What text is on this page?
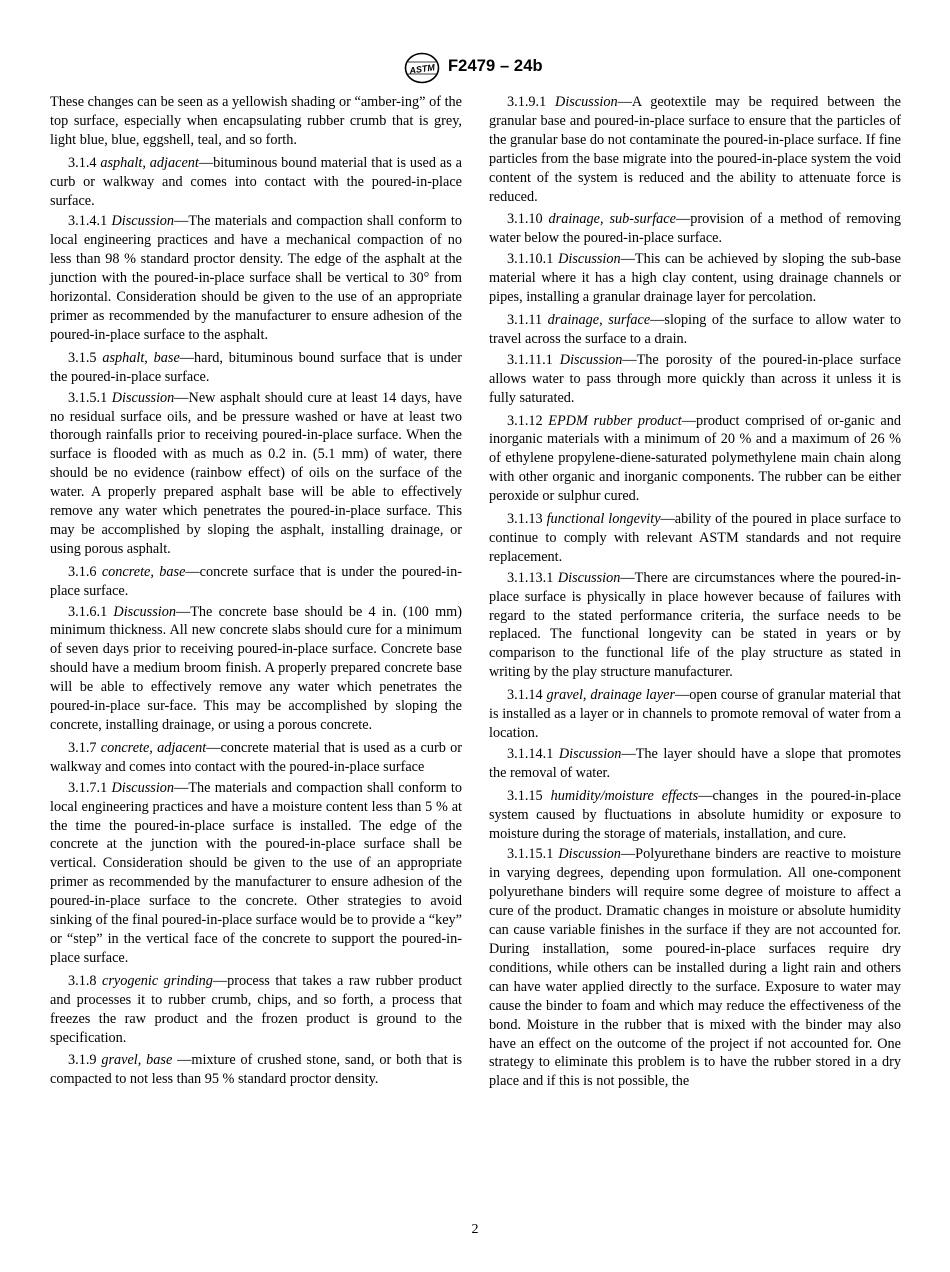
ASTM F2479 – 24b

These changes can be seen as a yellowish shading or “amber-ing” of the top surface, especially when encapsulating rubber crumb that is grey, light blue, blue, eggshell, teal, and so forth.

3.1.4 asphalt, adjacent—bituminous bound material that is used as a curb or walkway and comes into contact with the poured-in-place surface.

3.1.4.1 Discussion—The materials and compaction shall conform to local engineering practices and have a mechanical compaction of no less than 98 % standard proctor density. The edge of the asphalt at the junction with the poured-in-place surface shall be vertical to 30° from horizontal. Consideration should be given to the use of an appropriate primer as recommended by the manufacturer to ensure adhesion of the poured-in-place surface to the asphalt.

3.1.5 asphalt, base—hard, bituminous bound surface that is under the poured-in-place surface.

3.1.5.1 Discussion—New asphalt should cure at least 14 days, have no residual surface oils, and be pressure washed or have at least two thorough rainfalls prior to receiving poured-in-place surface. When the surface is flooded with as much as 0.2 in. (5.1 mm) of water, there should be no evidence (rainbow effect) of oils on the surface of the water. A properly prepared asphalt base will be able to effectively remove any water which penetrates the poured-in-place surface. This may be accomplished by sloping the asphalt, installing drainage, or using porous asphalt.

3.1.6 concrete, base—concrete surface that is under the poured-in-place surface.

3.1.6.1 Discussion—The concrete base should be 4 in. (100 mm) minimum thickness. All new concrete slabs should cure for a minimum of seven days prior to receiving poured-in-place surface. Concrete base should have a medium broom finish. A properly prepared concrete base will be able to effectively remove any water which penetrates the poured-in-place sur-face. This may be accomplished by sloping the concrete, installing drainage, or using a porous concrete.

3.1.7 concrete, adjacent—concrete material that is used as a curb or walkway and comes into contact with the poured-in-place surface

3.1.7.1 Discussion—The materials and compaction shall conform to local engineering practices and have a moisture content less than 5 % at the time the poured-in-place surface is installed. The edge of the concrete at the junction with the poured-in-place surface shall be vertical. Consideration should be given to the use of an appropriate primer as recommended by the manufacturer to ensure adhesion of the poured-in-place surface to the concrete. Other strategies to avoid sinking of the final poured-in-place surface would be to provide a “key” or “step” in the vertical face of the concrete to support the poured-in-place surface.

3.1.8 cryogenic grinding—process that takes a raw rubber product and processes it to rubber crumb, chips, and so forth, a process that freezes the raw product and the frozen product is ground to the specification.

3.1.9 gravel, base —mixture of crushed stone, sand, or both that is compacted to not less than 95 % standard proctor density.

3.1.9.1 Discussion—A geotextile may be required between the granular base and poured-in-place surface to ensure that the particles of the granular base do not contaminate the poured-in-place surface. If fine particles from the base migrate into the poured-in-place system the void content of the system is reduced and the ability to attenuate force is reduced.

3.1.10 drainage, sub-surface—provision of a method of removing water below the poured-in-place surface.

3.1.10.1 Discussion—This can be achieved by sloping the sub-base material where it has a high clay content, using drainage channels or pipes, installing a granular drainage layer for percolation.

3.1.11 drainage, surface—sloping of the surface to allow water to travel across the surface to a drain.

3.1.11.1 Discussion—The porosity of the poured-in-place surface allows water to pass through more quickly than across it unless it is fully saturated.

3.1.12 EPDM rubber product—product comprised of or-ganic and inorganic materials with a minimum of 20 % and a maximum of 26 % of ethylene propylene-diene-saturated polymethylene main chain along with other organic and inorganic components. The rubber can be either peroxide or sulphur cured.

3.1.13 functional longevity—ability of the poured in place surface to continue to comply with relevant ASTM standards and not require replacement.

3.1.13.1 Discussion—There are circumstances where the poured-in-place surface is physically in place however because of failures with regard to the stated performance criteria, the surface needs to be replaced. The functional longevity can be stated in years or by comparison to the functional life of the play structure as stated in writing by the play structure manufacturer.

3.1.14 gravel, drainage layer—open course of granular material that is installed as a layer or in channels to promote removal of water from a location.

3.1.14.1 Discussion—The layer should have a slope that promotes the removal of water.

3.1.15 humidity/moisture effects—changes in the poured-in-place system caused by fluctuations in absolute humidity or exposure to moisture during the storage of materials, installation, and cure.

3.1.15.1 Discussion—Polyurethane binders are reactive to moisture in varying degrees, depending upon formulation. All one-component polyurethane binders will require some degree of moisture to affect a cure of the product. Dramatic changes in moisture or absolute humidity can cause variable finishes in the surface if they are not accounted for. During installation, some poured-in-place surfaces require dry conditions, while others can be installed during a light rain and others can have water applied directly to the surface. Exposure to water may cause the binder to foam and which may reduce the effectiveness of the bond. Moisture in the rubber that is mixed with the binder may also have an effect on the outcome of the project if not accounted for. One strategy to eliminate this problem is to have the rubber stored in a dry place and if this is not possible, the

2
